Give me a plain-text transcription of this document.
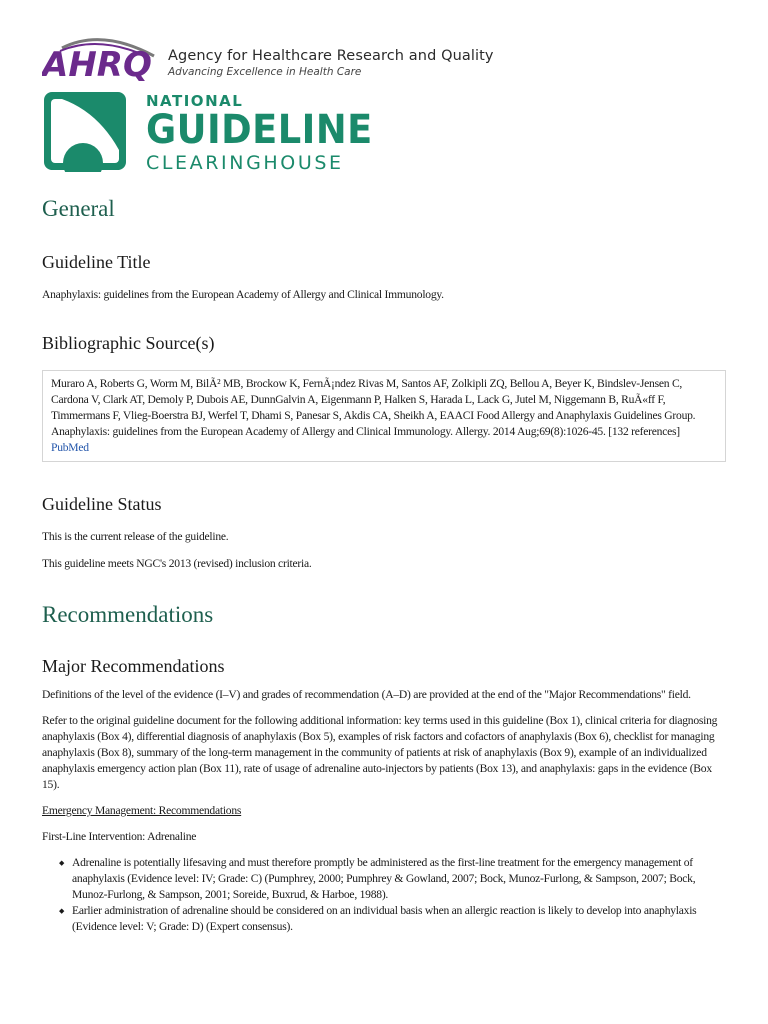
AHRQ Agency for Healthcare Research and Quality
Advancing Excellence in Health Care
NATIONAL
GUIDELINE
CLEARINGHOUSE
General
Guideline Title

Anaphylaxis: guidelines from the European Academy of Allergy and Clinical Immunology.

Bibliographic Source(s)
Muraro A, Roberts G, Worm M, BilÃ² MB, Brockow K, FernÃ¡ndez Rivas M, Santos AF, Zolkipli ZQ, Bellou A, Beyer K, Bindslev-Jensen C, Cardona V, Clark AT, Demoly P, Dubois AE, DunnGalvin A, Eigenmann P, Halken S, Harada L, Lack G, Jutel M, Niggemann B, RuÃ«ff F, Timmermans F, Vlieg-Boerstra BJ, Werfel T, Dhami S, Panesar S, Akdis CA, Sheikh A, EAACI Food Allergy and Anaphylaxis Guidelines Group. Anaphylaxis: guidelines from the European Academy of Allergy and Clinical Immunology. Allergy. 2014 Aug;69(8):1026-45. [132 references] PubMed
Guideline Status

This is the current release of the guideline.

This guideline meets NGC's 2013 (revised) inclusion criteria.

Recommendations
Major Recommendations

Definitions of the level of the evidence (I–V) and grades of recommendation (A–D) are provided at the end of the "Major Recommendations" field.

Refer to the original guideline document for the following additional information: key terms used in this guideline (Box 1), clinical criteria for diagnosing anaphylaxis (Box 4), differential diagnosis of anaphylaxis (Box 5), examples of risk factors and cofactors of anaphylaxis (Box 6), checklist for managing anaphylaxis (Box 8), summary of the long-term management in the community of patients at risk of anaphylaxis (Box 9), example of an individualized anaphylaxis emergency action plan (Box 11), rate of usage of adrenaline auto-injectors by patients (Box 13), and anaphylaxis: gaps in the evidence (Box 15).

Emergency Management: Recommendations

First-Line Intervention: Adrenaline

◆ Adrenaline is potentially lifesaving and must therefore promptly be administered as the first-line treatment for the emergency management of anaphylaxis (Evidence level: IV; Grade: C) (Pumphrey, 2000; Pumphrey & Gowland, 2007; Bock, Munoz-Furlong, & Sampson, 2007; Bock, Munoz-Furlong, & Sampson, 2001; Soreide, Buxrud, & Harboe, 1988).
◆ Earlier administration of adrenaline should be considered on an individual basis when an allergic reaction is likely to develop into anaphylaxis (Evidence level: V; Grade: D) (Expert consensus).
